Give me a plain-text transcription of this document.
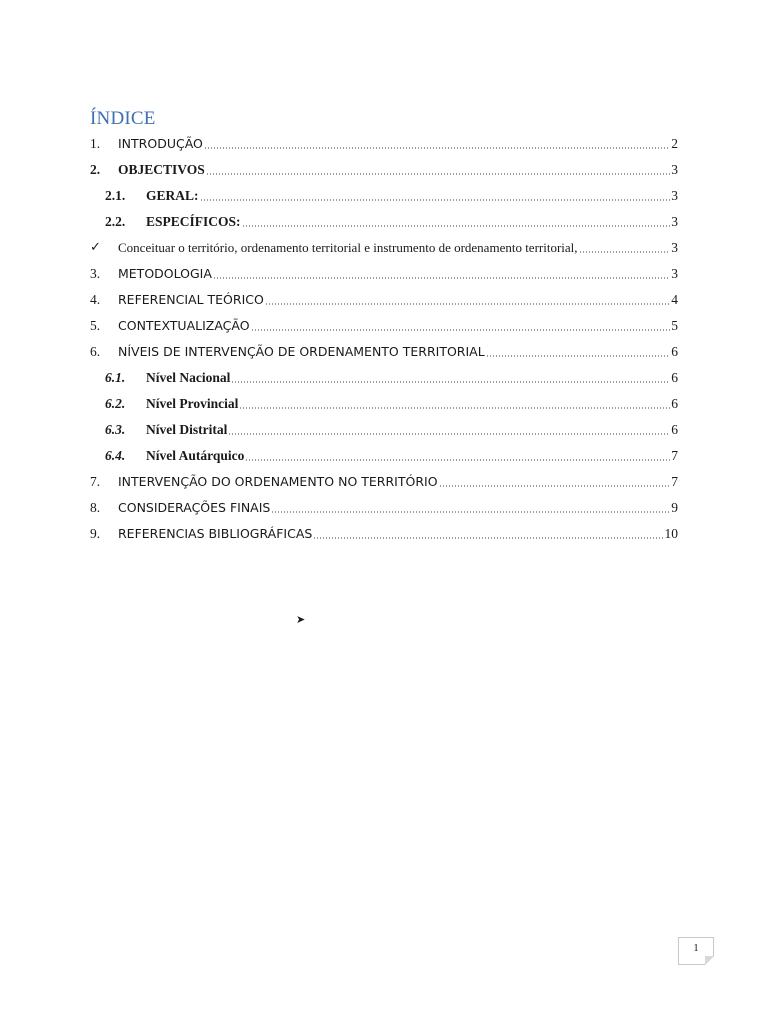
ÍNDICE
1.	INTRODUÇÃO	2
2.	OBJECTIVOS	3
2.1.	GERAL:	3
2.2.	ESPECÍFICOS:	3
✓	Conceituar o território, ordenamento territorial e instrumento de ordenamento territorial,	3
3.	METODOLOGIA	3
4.	REFERENCIAL TEÓRICO	4
5.	CONTEXTUALIZAÇÃO	5
6.	NÍVEIS DE INTERVENÇÃO DE ORDENAMENTO TERRITORIAL	6
6.1.	Nível Nacional	6
6.2.	Nível Provincial	6
6.3.	Nível Distrital	6
6.4.	Nível Autárquico	7
7.	INTERVENÇÃO DO ORDENAMENTO NO TERRITÓRIO	7
8.	CONSIDERAÇÕES FINAIS	9
9.	REFERENCIAS BIBLIOGRÁFICAS	10
➤
1
